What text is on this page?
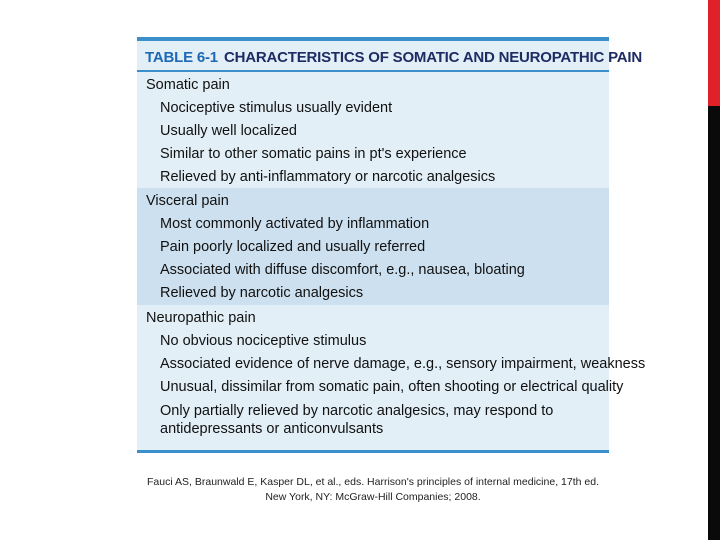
TABLE 6-1 CHARACTERISTICS OF SOMATIC AND NEUROPATHIC PAIN
Somatic pain
Nociceptive stimulus usually evident
Usually well localized
Similar to other somatic pains in pt's experience
Relieved by anti-inflammatory or narcotic analgesics
Visceral pain
Most commonly activated by inflammation
Pain poorly localized and usually referred
Associated with diffuse discomfort, e.g., nausea, bloating
Relieved by narcotic analgesics
Neuropathic pain
No obvious nociceptive stimulus
Associated evidence of nerve damage, e.g., sensory impairment, weakness
Unusual, dissimilar from somatic pain, often shooting or electrical quality
Only partially relieved by narcotic analgesics, may respond to antidepressants or anticonvulsants
Fauci AS, Braunwald E, Kasper DL, et al., eds. Harrison's principles of internal medicine, 17th ed.
New York, NY: McGraw-Hill Companies; 2008.
